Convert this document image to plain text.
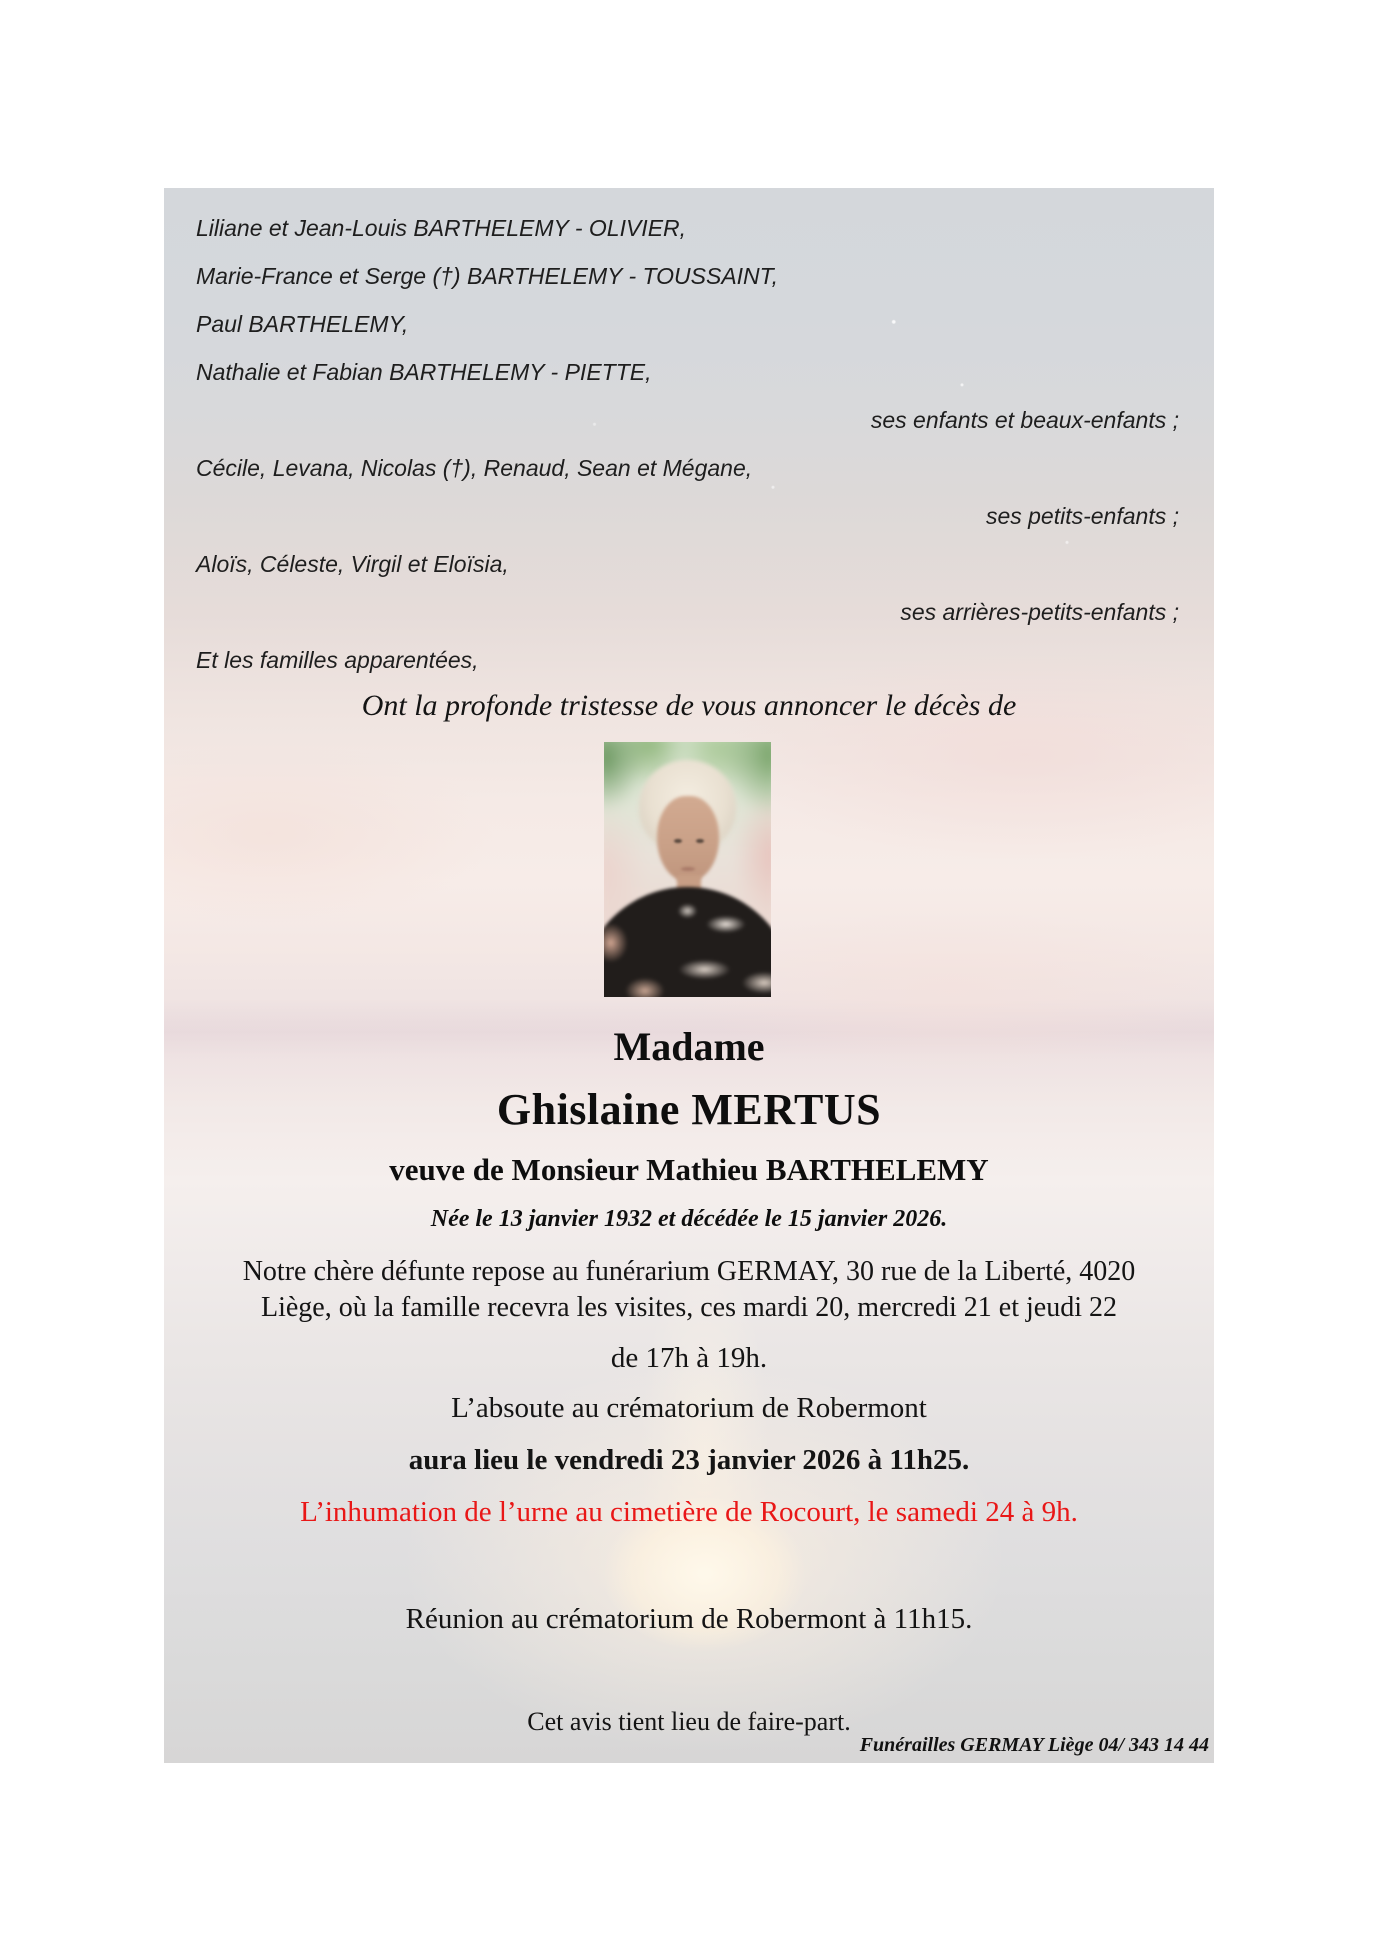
Liliane et Jean-Louis BARTHELEMY - OLIVIER,
Marie-France et Serge (†) BARTHELEMY - TOUSSAINT,
Paul BARTHELEMY,
Nathalie et Fabian BARTHELEMY - PIETTE,
ses enfants et beaux-enfants ;
Cécile, Levana, Nicolas (†), Renaud, Sean et Mégane,
ses petits-enfants ;
Aloïs, Céleste, Virgil et Eloïsia,
ses arrières-petits-enfants ;
Et les familles apparentées,
Ont la profonde tristesse de vous annoncer le décès de
Madame
Ghislaine MERTUS
veuve de Monsieur Mathieu BARTHELEMY
Née le 13 janvier 1932 et décédée le 15 janvier 2026.
Notre chère défunte repose au funérarium GERMAY, 30 rue de la Liberté, 4020
Liège, où la famille recevra les visites, ces mardi 20, mercredi 21 et jeudi 22
de 17h à 19h.
L’absoute au crématorium de Robermont
aura lieu le vendredi 23 janvier 2026 à 11h25.
L’inhumation de l’urne au cimetière de Rocourt, le samedi 24 à 9h.
Réunion au crématorium de Robermont à 11h15.
Cet avis tient lieu de faire-part.
Funérailles GERMAY Liège 04/ 343 14 44
